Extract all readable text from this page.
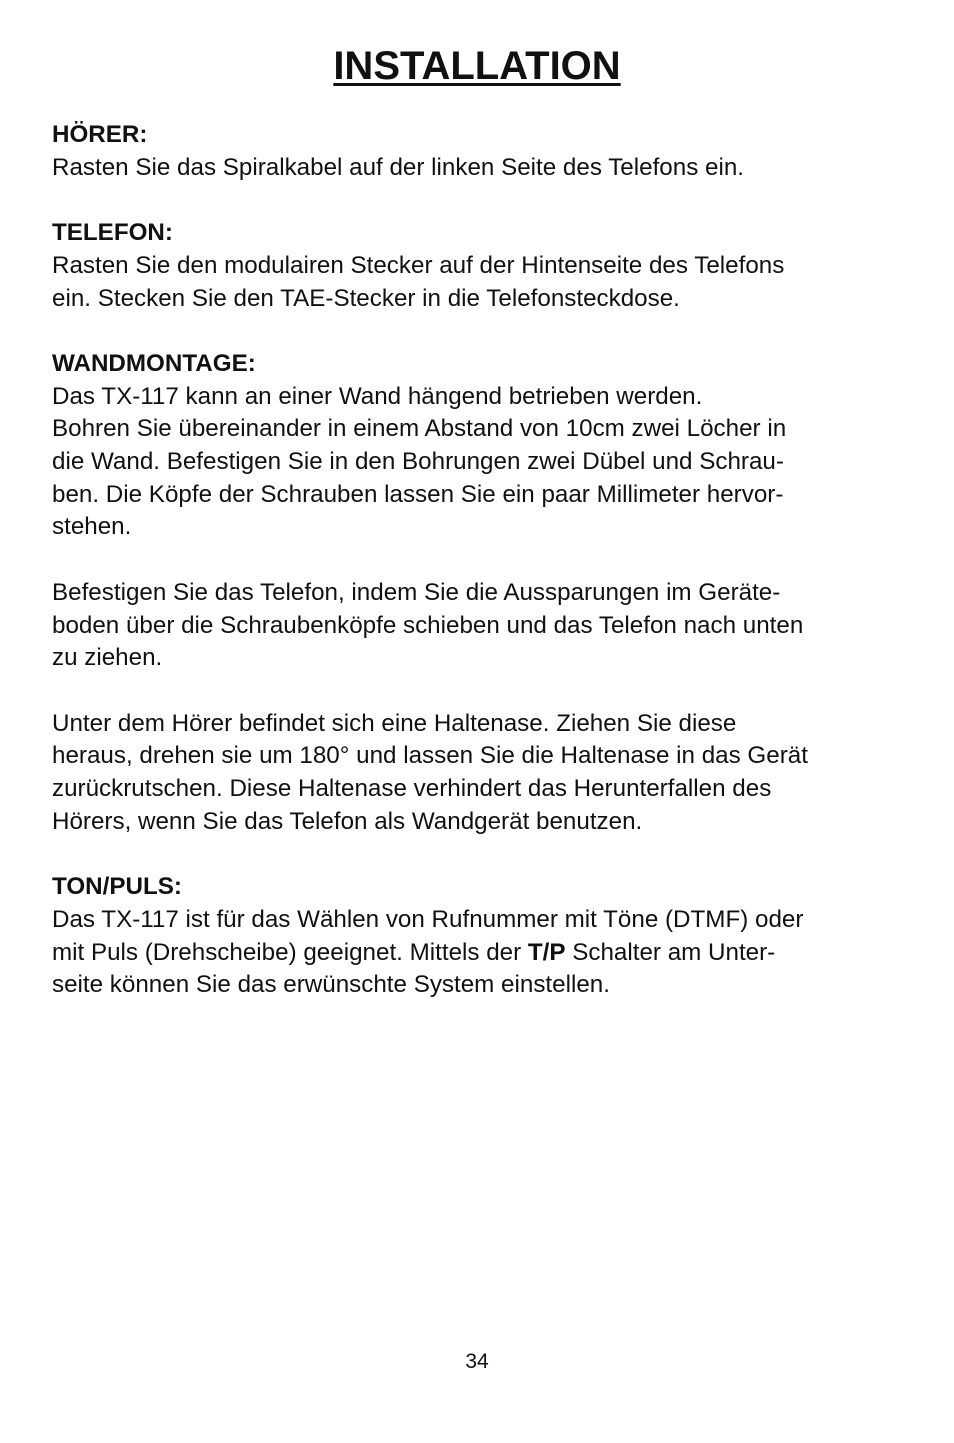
INSTALLATION

HÖRER:

Rasten Sie das Spiralkabel auf der linken Seite des Telefons ein.

TELEFON:

Rasten Sie den modulairen Stecker auf der Hintenseite des Telefons

ein. Stecken Sie den TAE-Stecker in die Telefonsteckdose.

WANDMONTAGE:

Das TX-117 kann an einer Wand hängend betrieben werden.

Bohren Sie übereinander in einem Abstand von 10cm zwei Löcher in

die Wand. Befestigen Sie in den Bohrungen zwei Dübel und Schrau-

ben. Die Köpfe der Schrauben lassen Sie ein paar Millimeter hervor-

stehen.

Befestigen Sie das Telefon, indem Sie die Aussparungen im Geräte-

boden über die Schraubenköpfe schieben und das Telefon nach unten

zu ziehen.

Unter dem Hörer befindet sich eine Haltenase. Ziehen Sie diese

heraus, drehen sie um 180° und lassen Sie die Haltenase in das Gerät

zurückrutschen. Diese Haltenase verhindert das Herunterfallen des

Hörers, wenn Sie das Telefon als Wandgerät benutzen.

TON/PULS:

Das TX-117 ist für das Wählen von Rufnummer mit Töne (DTMF) oder

mit Puls (Drehscheibe) geeignet. Mittels der T/P Schalter am Unter-

seite können Sie das erwünschte System einstellen.

34
